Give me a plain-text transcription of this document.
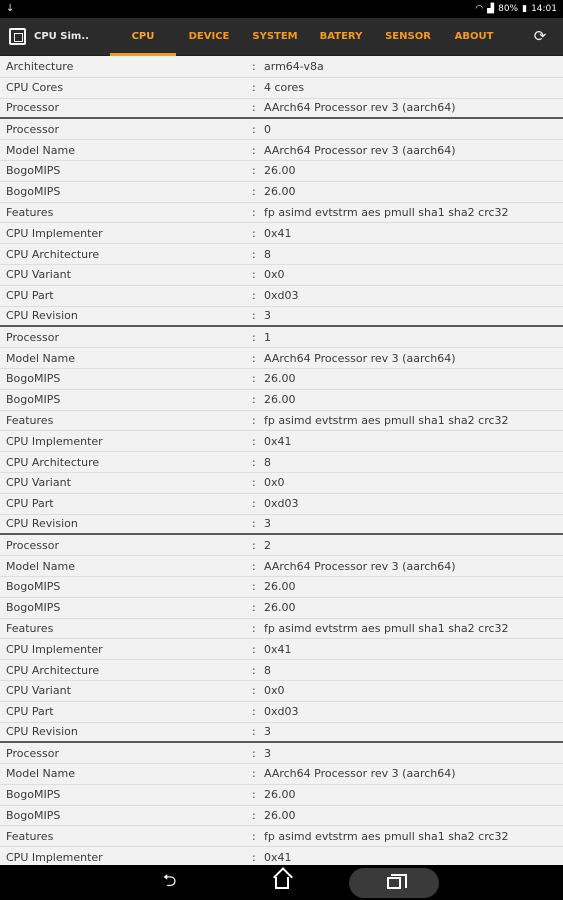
↓	◠ ▟ 80% ▮ 14:01
CPU Sim..	CPU	DEVICE	SYSTEM	BATERY	SENSOR	ABOUT	⟳
Architecture	: arm64-v8a
CPU Cores	: 4 cores
Processor	: AArch64 Processor rev 3 (aarch64)
Processor	: 0
Model Name	: AArch64 Processor rev 3 (aarch64)
BogoMIPS	: 26.00
BogoMIPS	: 26.00
Features	: fp asimd evtstrm aes pmull sha1 sha2 crc32
CPU Implementer	: 0x41
CPU Architecture	: 8
CPU Variant	: 0x0
CPU Part	: 0xd03
CPU Revision	: 3
Processor	: 1
Model Name	: AArch64 Processor rev 3 (aarch64)
BogoMIPS	: 26.00
BogoMIPS	: 26.00
Features	: fp asimd evtstrm aes pmull sha1 sha2 crc32
CPU Implementer	: 0x41
CPU Architecture	: 8
CPU Variant	: 0x0
CPU Part	: 0xd03
CPU Revision	: 3
Processor	: 2
Model Name	: AArch64 Processor rev 3 (aarch64)
BogoMIPS	: 26.00
BogoMIPS	: 26.00
Features	: fp asimd evtstrm aes pmull sha1 sha2 crc32
CPU Implementer	: 0x41
CPU Architecture	: 8
CPU Variant	: 0x0
CPU Part	: 0xd03
CPU Revision	: 3
Processor	: 3
Model Name	: AArch64 Processor rev 3 (aarch64)
BogoMIPS	: 26.00
BogoMIPS	: 26.00
Features	: fp asimd evtstrm aes pmull sha1 sha2 crc32
CPU Implementer	: 0x41
⮌
